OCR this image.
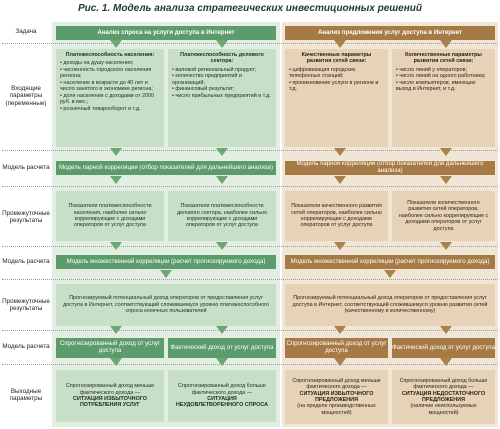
Рис. 1. Модель анализа стратегических инвестиционных решений
Задача
Входящие параметры (переменные)
Модель расчета
Промежуточные результаты
Модель расчета
Промежуточные результаты
Модель расчета
Выходные параметры
Анализ спроса на услуги доступа в Интернет
Платежеспособность населения:

• доходы на душу населения;

• численность городского населения региона;

• население в возрасте до 40 лет и число занятого в экономике региона;

• доля населения с доходами от 2000 руб. в мес.;

• розничный товарооборот и т.д.

Платежеспособность делового сектора:

• валовой региональный продукт;

• количество предприятий и организаций;

• финансовый результат;

• число прибыльных предприятий и т.д.

Модель парной корреляции (отбор показателей для дальнейшего анализа)
Показатели платежеспособности населения, наиболее сильно коррелирующие с доходами операторов от услуг доступа
Показатели платежеспособности делового сектора, наиболее сильно коррелирующие с доходами операторов от услуг доступа
Модель множественной корреляции (расчет прогнозируемого дохода)
Прогнозируемый потенциальный доход операторов от предоставления услуг доступа в Интернет, соответствующий сложившемуся уровню платежеспособного спроса конечных пользователей
Спрогнозированный доход от услуг доступа	Фактический доход от услуг доступа
Спрогнозированный доход меньше фактического дохода —
СИТУАЦИЯ ИЗБЫТОЧНОГО
ПОТРЕБЛЕНИЯ УСЛУГ
Спрогнозированный доход больше фактического дохода —
СИТУАЦИЯ
НЕУДОВЛЕТВОРЕННОГО СПРОСА
Анализ предложения услуг доступа в Интернет
Качественные параметры развития сетей связи:

• цифровизация городских телефонных станций;

• проникновение услуги в регионе и т.д.

Количественные параметры развития сетей связи:

• число линий у операторов;

• число линий на одного работника;

• число компьютеров, имеющих выход в Интернет, и т.д.

Модель парной корреляции (отбор показателей для дальнейшего анализа)
Показатели качественного развития сетей операторов, наиболее сильно коррелирующие с доходами операторов от услуг доступа
Показатели количественного развития сетей операторов, наиболее сильно коррелирующие с доходами операторов от услуг доступа
Модель множественной корреляции (расчет прогнозируемого дохода)
Прогнозируемый потенциальный доход операторов от предоставления услуг доступа в Интернет, соответствующий сложившемуся уровню развития сетей (качественному и количественному)
Спрогнозированный доход от услуг доступа	Фактический доход от услуг доступа
Спрогнозированный доход меньше фактического дохода —
СИТУАЦИЯ ИЗБЫТОЧНОГО ПРЕДЛОЖЕНИЯ
(на пределе производственных мощностей)
Спрогнозированный доход больше фактического дохода —
СИТУАЦИЯ НЕДОСТАТОЧНОГО ПРЕДЛОЖЕНИЯ
(наличие неиспользуемых мощностей)
